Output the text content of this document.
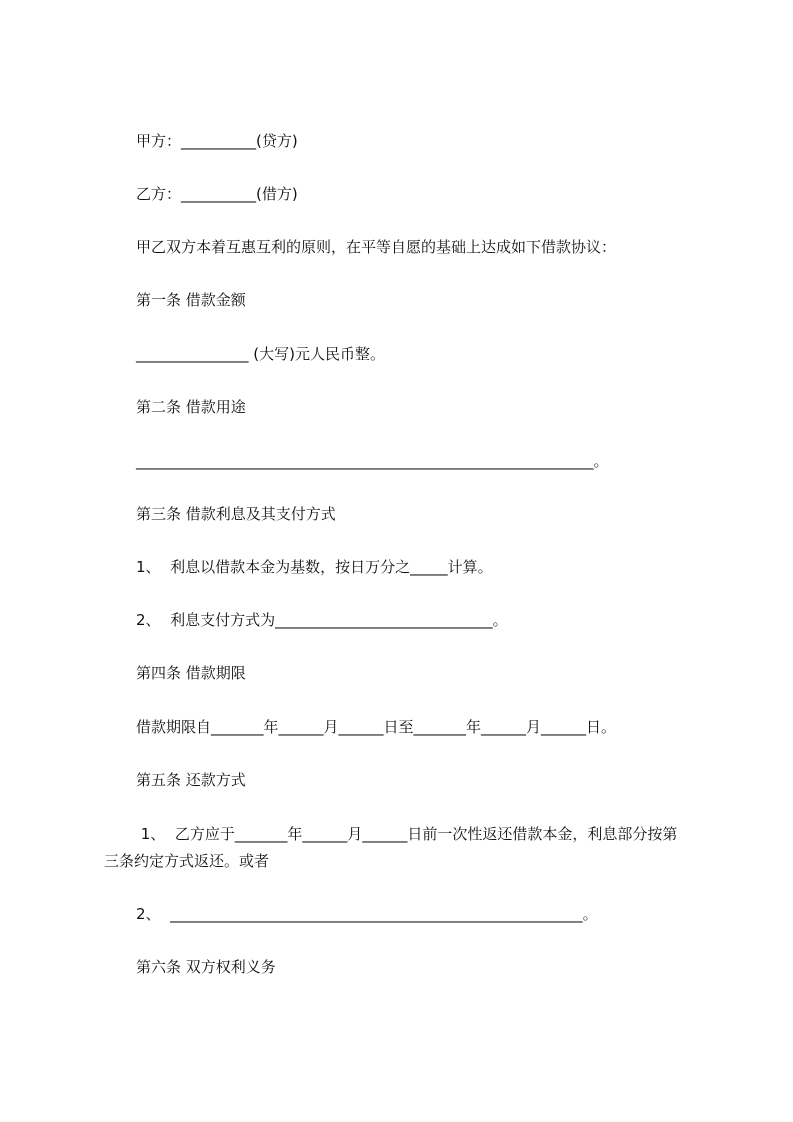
甲方：__________(贷方)
乙方：__________(借方)
甲乙双方本着互惠互利的原则，在平等自愿的基础上达成如下借款协议：
第一条 借款金额
_______________ (大写)元人民币整。
第二条 借款用途
_____________________________________________________________。
第三条 借款利息及其支付方式
1、  利息以借款本金为基数，按日万分之_____计算。
2、  利息支付方式为_____________________________。
第四条 借款期限
借款期限自_______年______月______日至_______年______月______日。
第五条 还款方式
1、  乙方应于_______年______月______日前一次性返还借款本金，利息部分按第
三条约定方式返还。或者
2、  _______________________________________________________。
第六条 双方权利义务
